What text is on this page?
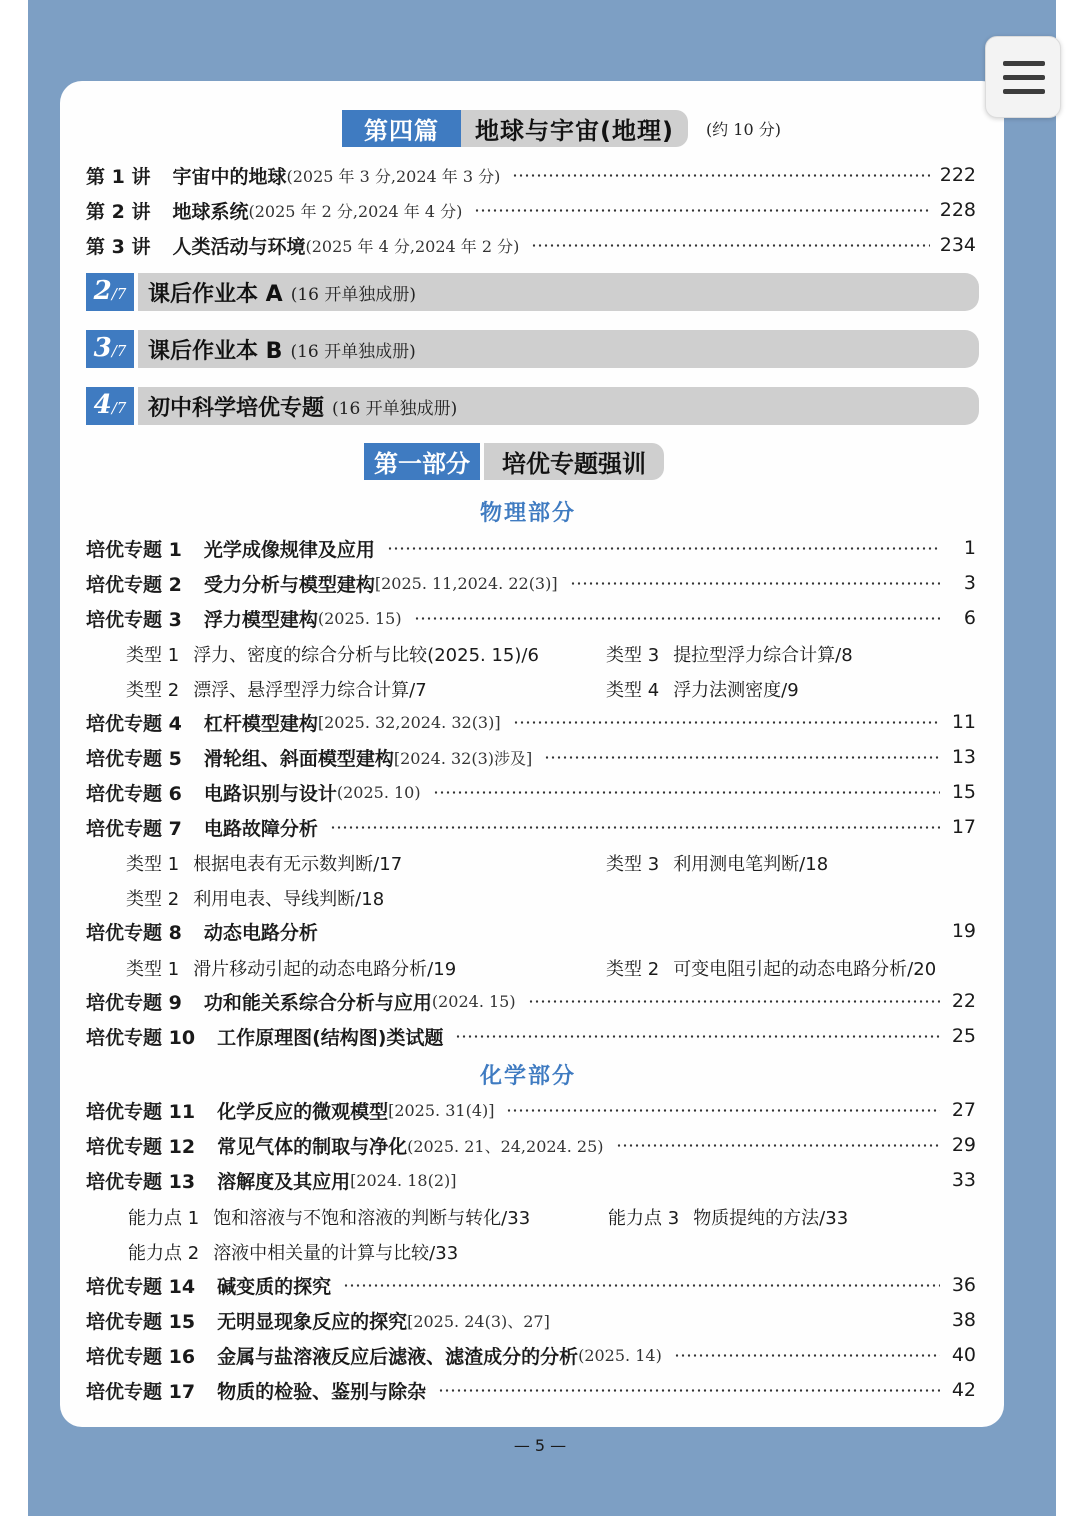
第四篇	地球与宇宙(地理)	(约 10 分)
第 1 讲 宇宙中的地球 (2025 年 3 分,2024 年 3 分)	222
第 2 讲 地球系统 (2025 年 2 分,2024 年 4 分)	228
第 3 讲 人类活动与环境 (2025 年 4 分,2024 年 2 分)	234
2 /7 课后作业本 A (16 开单独成册)
3 /7 课后作业本 B (16 开单独成册)
4 /7 初中科学培优专题 (16 开单独成册)
第一部分	培优专题强训
物理部分
培优专题 1 光学成像规律及应用	1
培优专题 2 受力分析与模型建构 [2025. 11,2024. 22(3)]	3
培优专题 3 浮力模型建构 (2025. 15)	6
类型 1 浮力、密度的综合分析与比较(2025. 15)/6	类型 3 提拉型浮力综合计算/8
类型 2 漂浮、悬浮型浮力综合计算/7	类型 4 浮力法测密度/9
培优专题 4 杠杆模型建构 [2025. 32,2024. 32(3)]	11
培优专题 5 滑轮组、斜面模型建构 [2024. 32(3)涉及]	13
培优专题 6 电路识别与设计 (2025. 10)	15
培优专题 7 电路故障分析	17
类型 1 根据电表有无示数判断/17	类型 3 利用测电笔判断/18
类型 2 利用电表、导线判断/18
培优专题 8 动态电路分析	19
类型 1 滑片移动引起的动态电路分析/19	类型 2 可变电阻引起的动态电路分析/20
培优专题 9 功和能关系综合分析与应用 (2024. 15)	22
培优专题 10 工作原理图(结构图)类试题	25
化学部分
培优专题 11 化学反应的微观模型 [2025. 31(4)]	27
培优专题 12 常见气体的制取与净化 (2025. 21、24,2024. 25)	29
培优专题 13 溶解度及其应用 [2024. 18(2)]	33
能力点 1 饱和溶液与不饱和溶液的判断与转化/33	能力点 3 物质提纯的方法/33
能力点 2 溶液中相关量的计算与比较/33
培优专题 14 碱变质的探究	36
培优专题 15 无明显现象反应的探究 [2025. 24(3)、27]	38
培优专题 16 金属与盐溶液反应后滤液、滤渣成分的分析 (2025. 14)	40
培优专题 17 物质的检验、鉴别与除杂	42
— 5 —
